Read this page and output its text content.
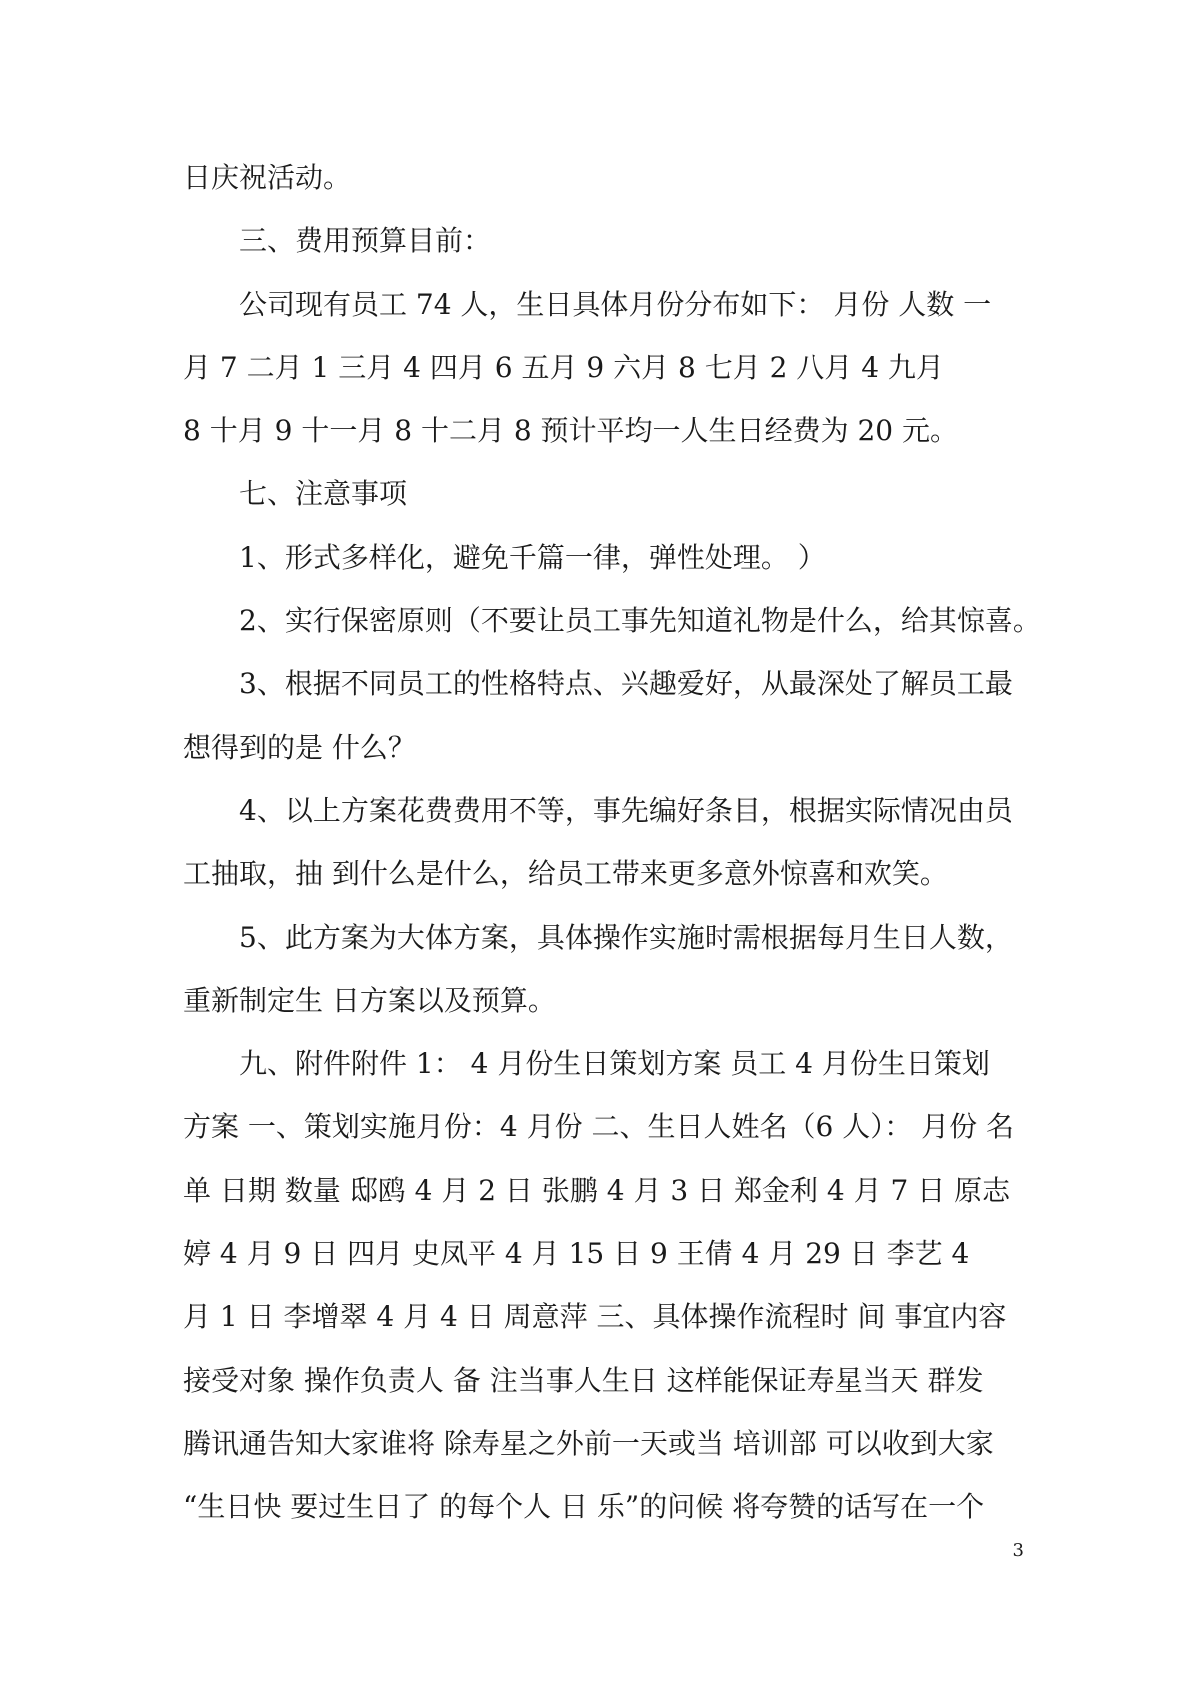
日庆祝活动。

三、费用预算目前：

公司现有员工 74 人，生日具体月份分布如下： 月份 人数 一

月 7 二月 1 三月 4 四月 6 五月 9 六月 8 七月 2 八月 4 九月

8 十月 9 十一月 8 十二月 8 预计平均一人生日经费为 20 元。

七、注意事项

1、形式多样化，避免千篇一律，弹性处理。 ）

2、实行保密原则（不要让员工事先知道礼物是什么，给其惊喜。

3、根据不同员工的性格特点、兴趣爱好，从最深处了解员工最

想得到的是 什么？

4、以上方案花费费用不等，事先编好条目，根据实际情况由员

工抽取，抽 到什么是什么，给员工带来更多意外惊喜和欢笑。

5、此方案为大体方案，具体操作实施时需根据每月生日人数，

重新制定生 日方案以及预算。

九、附件附件 1： 4 月份生日策划方案 员工 4 月份生日策划

方案 一、策划实施月份：4 月份 二、生日人姓名（6 人）： 月份 名

单 日期 数量 邸鸥 4 月 2 日 张鹏 4 月 3 日 郑金利 4 月 7 日 原志

婷 4 月 9 日 四月 史凤平 4 月 15 日 9 王倩 4 月 29 日 李艺 4

月 1 日 李增翠 4 月 4 日 周意萍 三、具体操作流程时 间 事宜内容

接受对象 操作负责人 备 注当事人生日 这样能保证寿星当天 群发

腾讯通告知大家谁将 除寿星之外前一天或当 培训部 可以收到大家

“生日快 要过生日了 的每个人 日 乐”的问候 将夸赞的话写在一个

3
